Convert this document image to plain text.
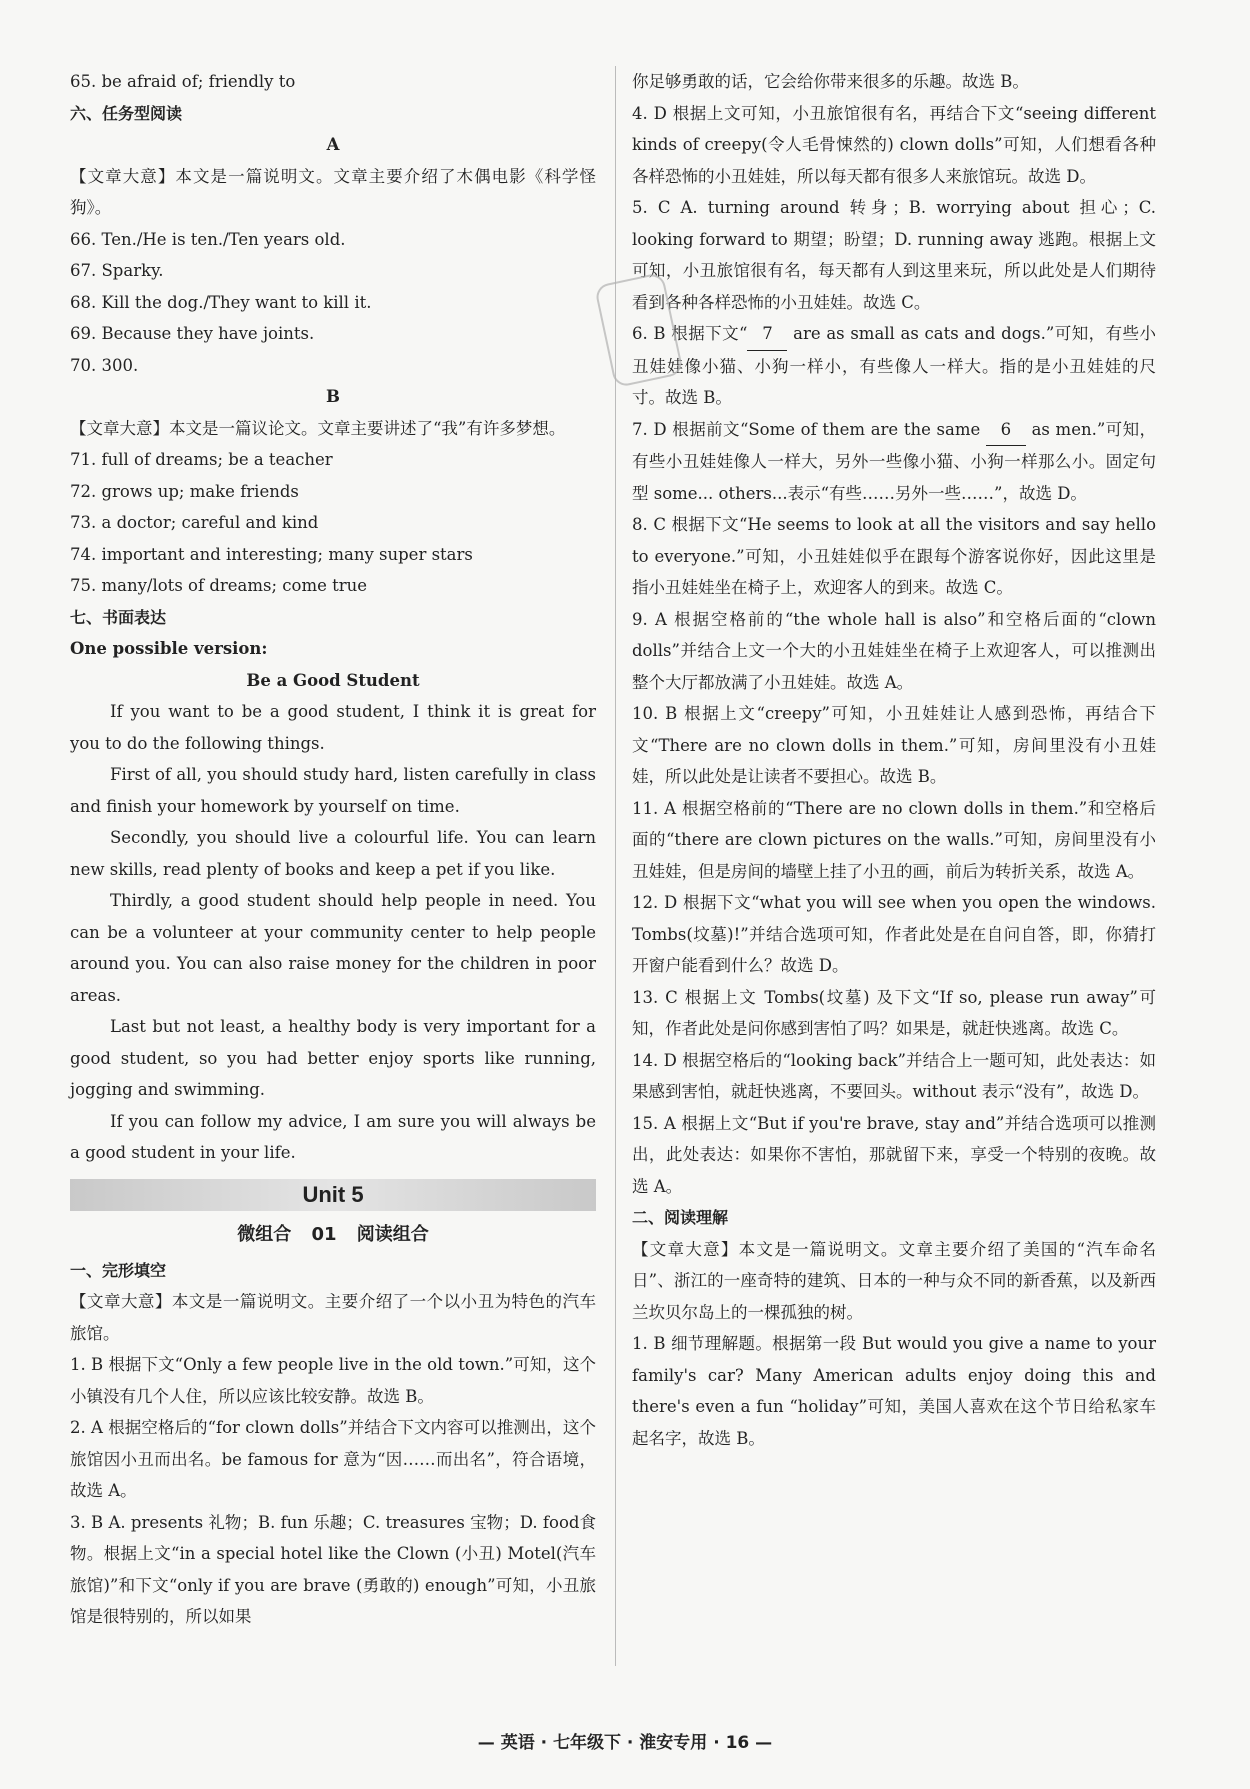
65. be afraid of; friendly to
六、任务型阅读
A
【文章大意】本文是一篇说明文。文章主要介绍了木偶电影《科学怪狗》。
66. Ten./He is ten./Ten years old.
67. Sparky.
68. Kill the dog./They want to kill it.
69. Because they have joints.
70. 300.
B
【文章大意】本文是一篇议论文。文章主要讲述了“我”有许多梦想。
71. full of dreams; be a teacher
72. grows up; make friends
73. a doctor; careful and kind
74. important and interesting; many super stars
75. many/lots of dreams; come true
七、书面表达
One possible version:
Be a Good Student
If you want to be a good student, I think it is great for you to do the following things.
First of all, you should study hard, listen carefully in class and finish your homework by yourself on time.
Secondly, you should live a colourful life. You can learn new skills, read plenty of books and keep a pet if you like.
Thirdly, a good student should help people in need. You can be a volunteer at your community center to help people around you. You can also raise money for the children in poor areas.
Last but not least, a healthy body is very important for a good student, so you had better enjoy sports like running, jogging and swimming.
If you can follow my advice, I am sure you will always be a good student in your life.
Unit 5
微组合 01 阅读组合
一、完形填空
【文章大意】本文是一篇说明文。主要介绍了一个以小丑为特色的汽车旅馆。
1. B 根据下文“Only a few people live in the old town.”可知，这个小镇没有几个人住，所以应该比较安静。故选 B。
2. A 根据空格后的“for clown dolls”并结合下文内容可以推测出，这个旅馆因小丑而出名。be famous for 意为“因……而出名”，符合语境，故选 A。
3. B A. presents 礼物；B. fun 乐趣；C. treasures 宝物；D. food食物。根据上文“in a special hotel like the Clown (小丑) Motel(汽车旅馆)”和下文“only if you are brave (勇敢的) enough”可知，小丑旅馆是很特别的，所以如果
你足够勇敢的话，它会给你带来很多的乐趣。故选 B。
4. D 根据上文可知，小丑旅馆很有名，再结合下文“seeing different kinds of creepy(令人毛骨悚然的) clown dolls”可知，人们想看各种各样恐怖的小丑娃娃，所以每天都有很多人来旅馆玩。故选 D。
5. C A. turning around 转身；B. worrying about 担心；C. looking forward to 期望；盼望；D. running away 逃跑。根据上文可知，小丑旅馆很有名，每天都有人到这里来玩，所以此处是人们期待看到各种各样恐怖的小丑娃娃。故选 C。
6. B 根据下文“ 7 are as small as cats and dogs.”可知，有些小丑娃娃像小猫、小狗一样小，有些像人一样大。指的是小丑娃娃的尺寸。故选 B。
7. D 根据前文“Some of them are the same 6 as men.”可知，有些小丑娃娃像人一样大，另外一些像小猫、小狗一样那么小。固定句型 some... others...表示“有些……另外一些……”，故选 D。
8. C 根据下文“He seems to look at all the visitors and say hello to everyone.”可知，小丑娃娃似乎在跟每个游客说你好，因此这里是指小丑娃娃坐在椅子上，欢迎客人的到来。故选 C。
9. A 根据空格前的“the whole hall is also”和空格后面的“clown dolls”并结合上文一个大的小丑娃娃坐在椅子上欢迎客人，可以推测出整个大厅都放满了小丑娃娃。故选 A。
10. B 根据上文“creepy”可知，小丑娃娃让人感到恐怖，再结合下文“There are no clown dolls in them.”可知，房间里没有小丑娃娃，所以此处是让读者不要担心。故选 B。
11. A 根据空格前的“There are no clown dolls in them.”和空格后面的“there are clown pictures on the walls.”可知，房间里没有小丑娃娃，但是房间的墙壁上挂了小丑的画，前后为转折关系，故选 A。
12. D 根据下文“what you will see when you open the windows. Tombs(坟墓)!”并结合选项可知，作者此处是在自问自答，即，你猜打开窗户能看到什么？故选 D。
13. C 根据上文 Tombs(坟墓) 及下文“If so, please run away”可知，作者此处是问你感到害怕了吗？如果是，就赶快逃离。故选 C。
14. D 根据空格后的“looking back”并结合上一题可知，此处表达：如果感到害怕，就赶快逃离，不要回头。without 表示“没有”，故选 D。
15. A 根据上文“But if you're brave, stay and”并结合选项可以推测出，此处表达：如果你不害怕，那就留下来，享受一个特别的夜晚。故选 A。
二、阅读理解
【文章大意】本文是一篇说明文。文章主要介绍了美国的“汽车命名日”、浙江的一座奇特的建筑、日本的一种与众不同的新香蕉，以及新西兰坎贝尔岛上的一棵孤独的树。
1. B 细节理解题。根据第一段 But would you give a name to your family's car? Many American adults enjoy doing this and there's even a fun “holiday”可知，美国人喜欢在这个节日给私家车起名字，故选 B。
— 英语 · 七年级下 · 淮安专用 · 16 —
